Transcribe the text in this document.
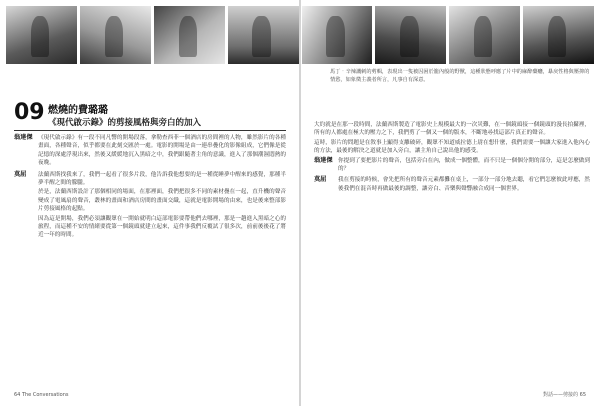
馬丁‧辛辣譏刺的剪輯，表現出一隻被囚困於籠內般的野獸，這種狀態呼應了片中的麻醉藥癮，暴戾性格與壓抑的情慾，如象徵主義者所言，凡事自有深意。
09 燃燒的費璐璐
《現代啟示錄》的剪接風格與旁白的加入
翁達傑 《現代啟示錄》有一段不同凡響的開場段落，拿勒查西菲一個酒店的房間裡的人物，雖然影片的各種畫面，各種聲音，似乎都要在此刻交匯於一處。電影的開場是由一連串疊化的影像組成，它們像是從記憶的深處浮現出來，然後又緩緩地沉入黑暗之中，我們跟隨著主角的意識，進入了那個潮濕悶熱的夜晚。

莫屈	法蘭西斯找我來了，我們一起看了很多片段，他告訴我他想要的是一種從睡夢中醒來的感覺，那種半夢半醒之間的朦朧。

於是，法蘭西斯設計了那個相同的場面，在那裡面，我們把很多不同的素材疊在一起，直升機的聲音變成了電風扇的聲音，叢林的畫面和酒店房間的畫面交織，這就是電影開場的由來，也是後來整部影片剪接風格的起點。

因為這是開場，我們必須讓觀眾在一開始就明白這部電影要帶他們去哪裡，那是一趟進入黑暗之心的旅程，而這種不安的情緒要從第一個鏡頭就建立起來，這件事我們反覆試了很多次，前前後後花了將近一年的時間。

大約就是在那一段時間，法蘭西斯製造了電影史上規模最大的一次災難，在一個鏡頭接一個鏡頭的漫長拍攝裡，所有的人都處在極大的壓力之下，我們剪了一個又一個的版本，不斷地尋找這部片真正的聲音。

這時，影片的問題是在敘事上顯得支離破碎，觀眾不知道威拉德上尉在想什麼，我們需要一個讓大家進入他內心的方法，最後的解決之道就是加入旁白，讓主角自己說出他的感受。

翁達傑 你提到了要把影片的聲音，包括旁白在內，做成一個整體，而不只是一個個分開的部分，這是怎麼做到的？

莫屈	我在剪接的時候，會先把所有的聲音元素都攤在桌上，一部分一部分地去聽，看它們怎麼彼此呼應，然後我們在混音時再做最後的調整，讓旁白、音樂與聲響融合成同一個世界。

64 The Conversations	對話——剪接的 65
